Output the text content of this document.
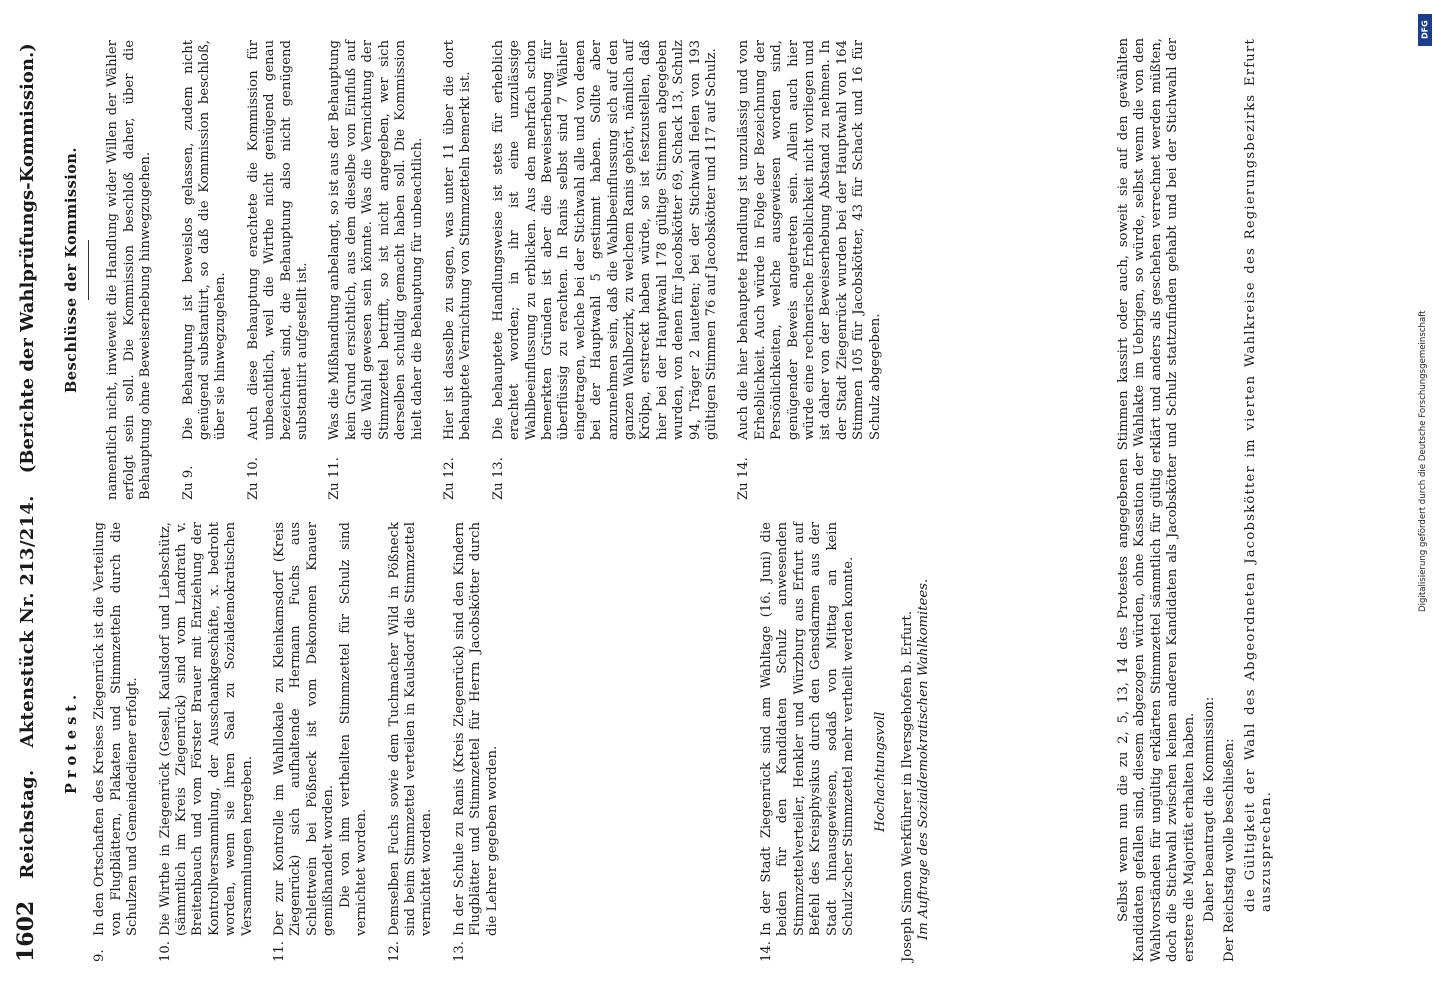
1602
Reichstag.
Aktenstück Nr. 213/214.
(Berichte der Wahlprüfungs-Kommission.)
Protest.
9.

In den Ortschaften des Kreises Ziegenrück ist die Verteilung von Flugblättern, Plakaten und Stimmzetteln durch die Schulzen und Gemeindediener erfolgt.

10.

Die Wirthe in Ziegenrück (Gesell, Kaulsdorf und Liebschütz, (sämmtlich im Kreis Ziegenrück) sind vom Landrath v. Breitenbauch und vom Förster Brauer mit Entziehung der Kontrollversammlung, der Ausschankgeschäfte, x. bedroht worden, wenn sie ihren Saal zu Sozialdemokratischen Versammlungen hergeben.

11.

Der zur Kontrolle im Wahllokale zu Kleinkamsdorf (Kreis Ziegenrück) sich aufhaltende Hermann Fuchs aus Schlettwein bei Pößneck ist vom Dekonomen Knauer gemißhandelt worden. Die von ihm vertheilten Stimmzettel für Schulz sind vernichtet worden.

12.

Demselben Fuchs sowie dem Tuchmacher Wild in Pößneck sind beim Stimmzettel verteilen in Kaulsdorf die Stimmzettel vernichtet worden.

13.

In der Schule zu Ranis (Kreis Ziegenrück) sind den Kindern Flugblätter und Stimmzettel für Herrn Jacobskötter durch die Lehrer gegeben worden.

14.

In der Stadt Ziegenrück sind am Wahltage (16. Juni) die beiden für den Kandidaten Schulz anwesenden Stimmzettelverteiler, Henkler und Würzburg aus Erfurt auf Befehl des Kreisphysikus durch den Gensdarmen aus der Stadt hinausgewiesen, sodaß von Mittag an kein Schulz'scher Stimmzettel mehr vertheilt werden konnte. Hochachtungsvoll Joseph Simon Werkführer in Ilversgehofen b. Erfurt. Im Auftrage des Sozialdemokratischen Wahlkomitees.
Beschlüsse der Kommission. namentlich nicht, inwieweit die Handlung wider Willen der Wähler erfolgt sein soll. Die Kommission beschloß daher, über die Behauptung ohne Beweiserhebung hinwegzugehen. Zu 9.
Die Behauptung ist beweislos gelassen, zudem nicht genügend substantiirt, so daß die Kommission beschloß, über sie hinwegzugehen.
Zu 10.
Auch diese Behauptung erachtete die Kommission für unbeachtlich, weil die Wirthe nicht genügend genau bezeichnet sind, die Behauptung also nicht genügend substantiirt aufgestellt ist.
Zu 11.
Was die Mißhandlung anbelangt, so ist aus der Behauptung kein Grund ersichtlich, aus dem dieselbe von Einfluß auf die Wahl gewesen sein könnte. Was die Vernichtung der Stimmzettel betrifft, so ist nicht angegeben, wer sich derselben schuldig gemacht haben soll. Die Kommission hielt daher die Behauptung für unbeachtlich.
Zu 12.
Hier ist dasselbe zu sagen, was unter 11 über die dort behauptete Vernichtung von Stimmzetteln bemerkt ist.
Zu 13.
Die behauptete Handlungsweise ist stets für erheblich erachtet worden; in ihr ist eine unzulässige Wahlbeeinflussung zu erblicken. Aus den mehrfach schon bemerkten Gründen ist aber die Beweiserhebung für überflüssig zu erachten. In Ranis selbst sind 7 Wähler eingetragen, welche bei der Stichwahl alle und von denen bei der Hauptwahl 5 gestimmt haben. Sollte aber anzunehmen sein, daß die Wahlbeeinflussung sich auf den ganzen Wahlbezirk, zu welchem Ranis gehört, nämlich auf Krölpa, erstreckt haben würde, so ist festzustellen, daß hier bei der Hauptwahl 178 gültige Stimmen abgegeben wurden, von denen für Jacobskötter 69, Schack 13, Schulz 94, Träger 2 lauteten; bei der Stichwahl fielen von 193 gültigen Stimmen 76 auf Jacobskötter und 117 auf Schulz.
Zu 14.
Auch die hier behauptete Handlung ist unzulässig und von Erheblichkeit. Auch würde in Folge der Bezeichnung der Persönlichkeiten, welche ausgewiesen worden sind, genügender Beweis angetreten sein. Allein auch hier würde eine rechnerische Erheblichkeit nicht vorliegen und ist daher von der Beweiserhebung Abstand zu nehmen. In der Stadt Ziegenrück wurden bei der Hauptwahl von 164 Stimmen 105 für Jacobskötter, 43 für Schack und 16 für Schulz abgegeben.	Selbst wenn nun die zu 2, 5, 13, 14 des Protestes angegebenen Stimmen kassirt oder auch, soweit sie auf den gewählten Kandidaten gefallen sind, diesem abgezogen würden, ohne Kassation der Wahlakte im Uebrigen, so würde, selbst wenn die von den Wahlvorständen für ungültig erklärten Stimmzettel sämmtlich für gültig erklärt und anders als geschehen verrechnet werden müßten, doch die Stichwahl zwischen keinen anderen Kandidaten als Jacobskötter und Schulz stattzufinden gehabt und bei der Stichwahl der erstere die Majorität erhalten haben. Daher beantragt die Kommission: Der Reichstag wolle beschließen: die Gültigkeit der Wahl des Abgeordneten Jacobskötter im vierten Wahlkreise des Regierungsbezirks Erfurt auszusprechen.

DFG
Digitalisierung gefördert durch die Deutsche Forschungsgemeinschaft
